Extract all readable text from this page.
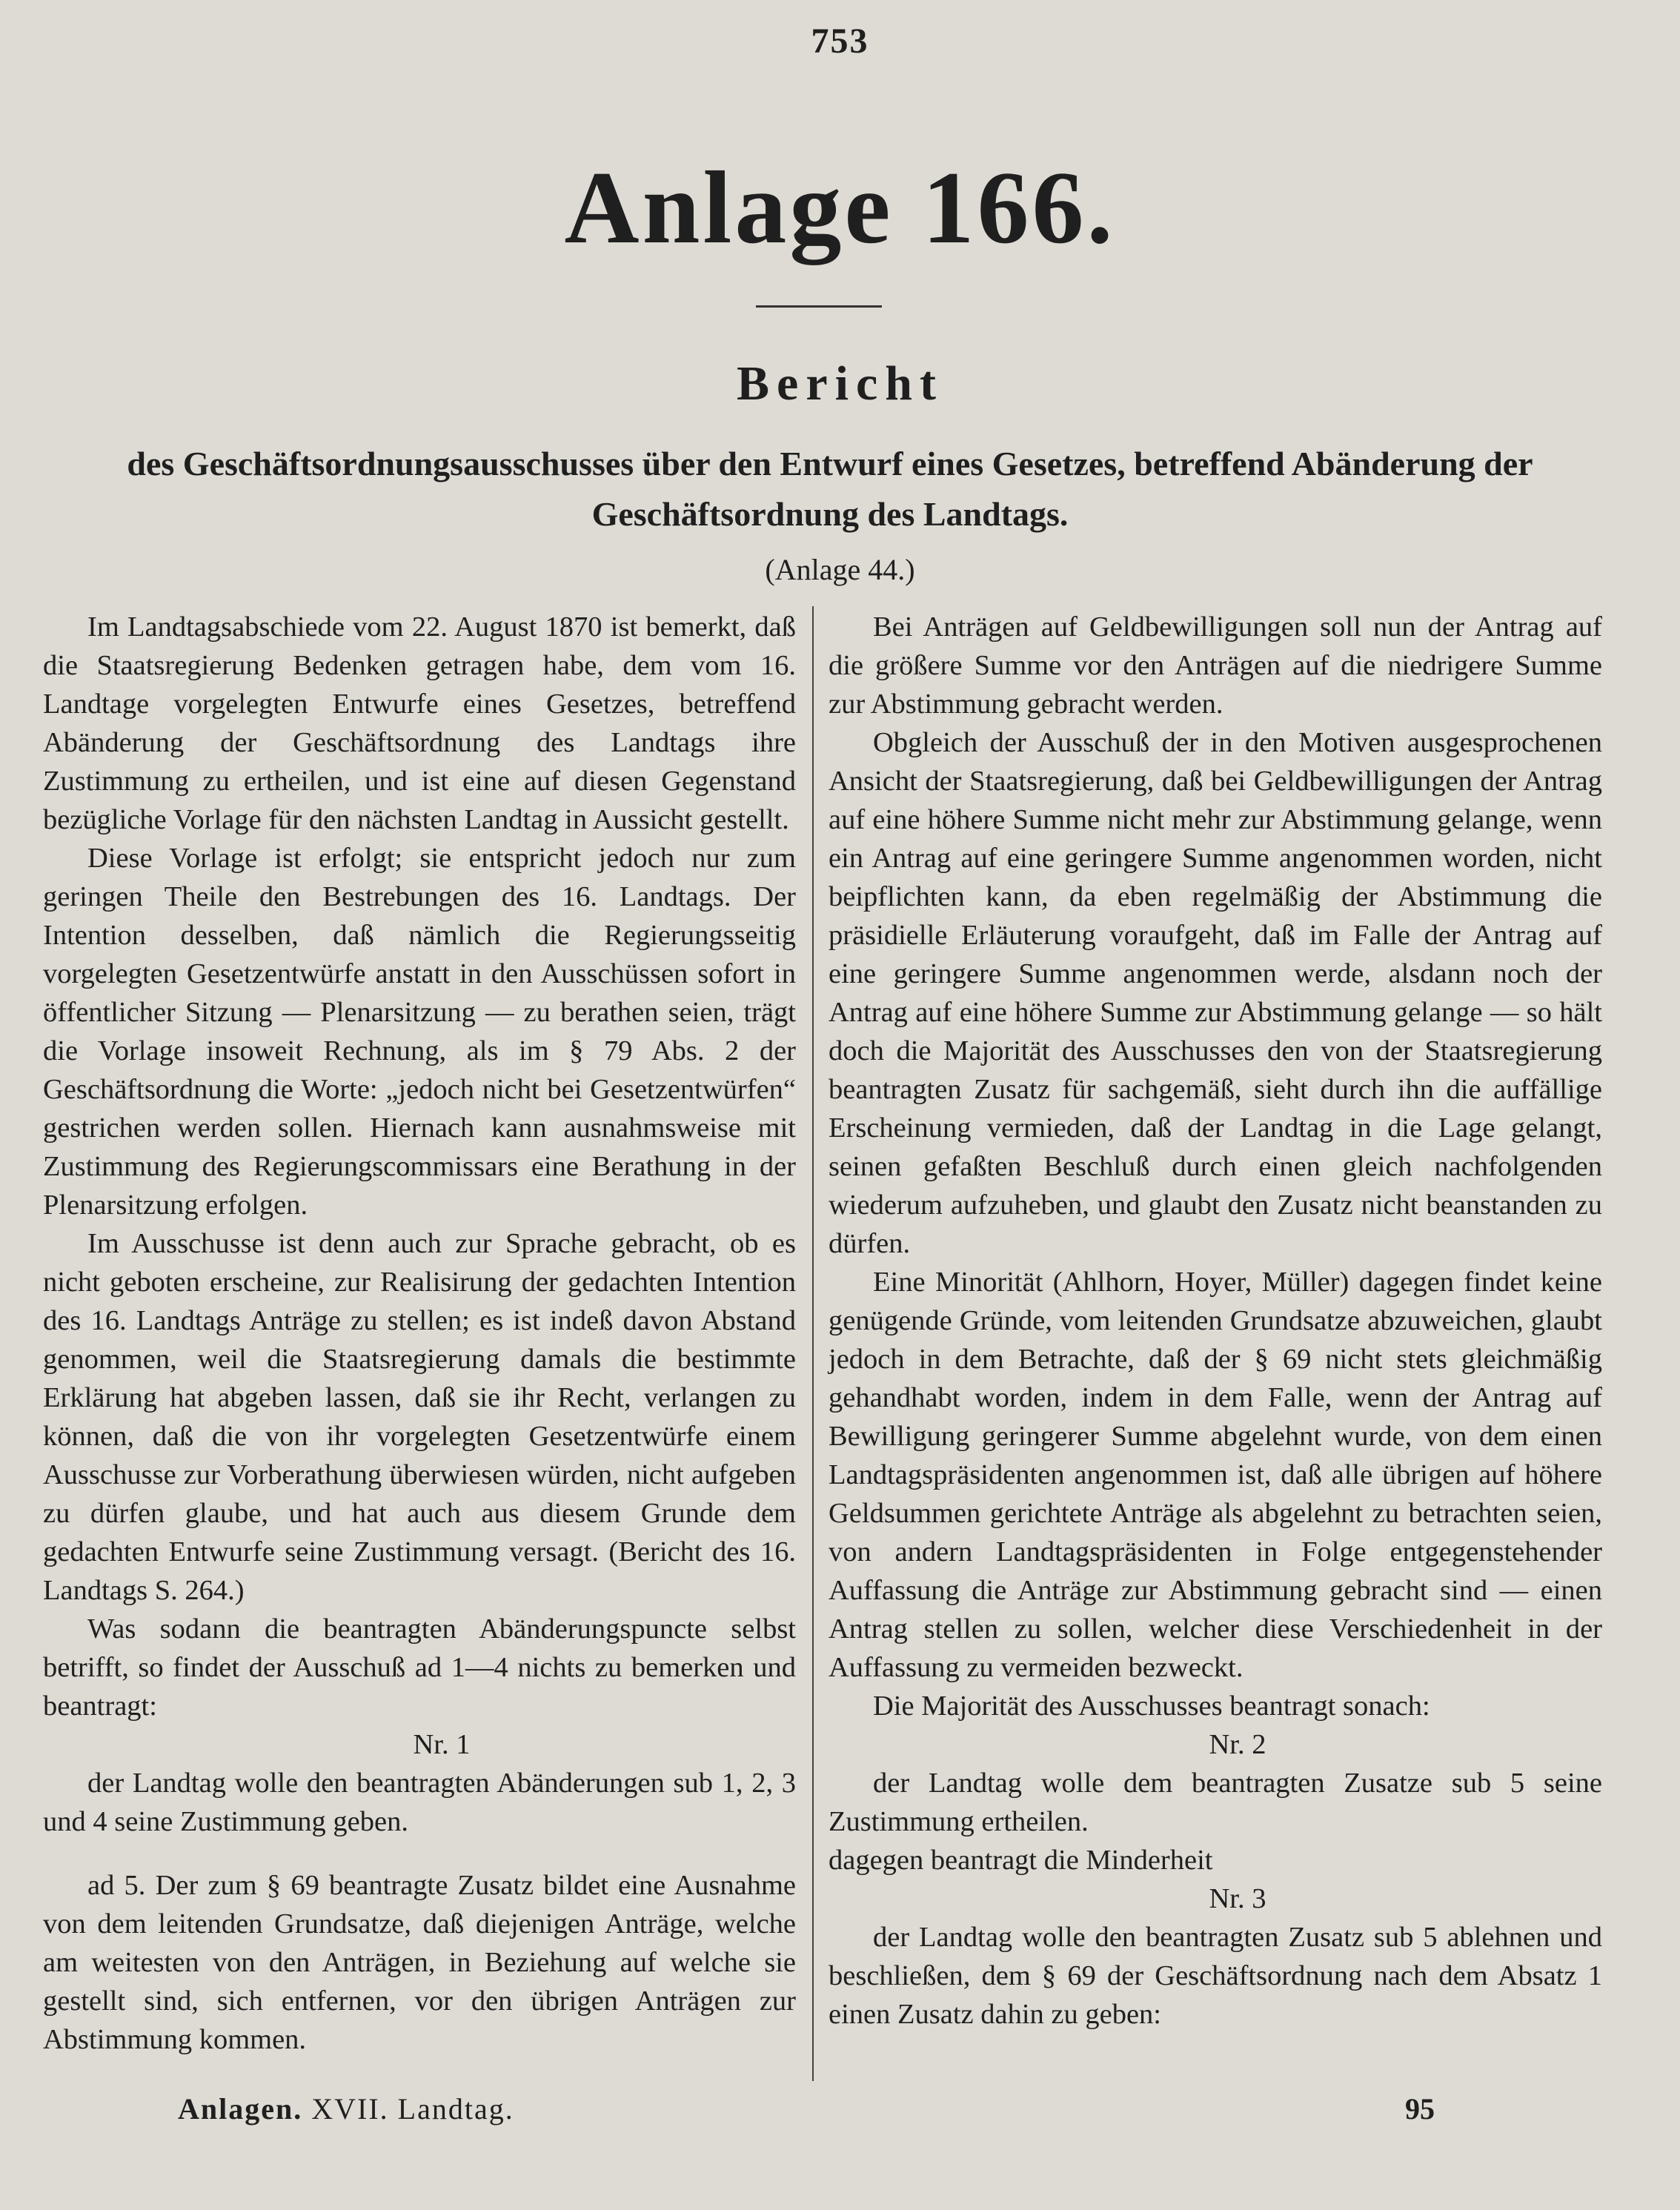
753
Anlage 166.
Bericht
des Geschäftsordnungsausschusses über den Entwurf eines Gesetzes, betreffend Abänderung der Geschäftsordnung des Landtags.
(Anlage 44.)

Im Landtagsabschiede vom 22. August 1870 ist bemerkt, daß die Staatsregierung Bedenken getragen habe, dem vom 16. Landtage vorgelegten Entwurfe eines Gesetzes, betreffend Abänderung der Geschäftsordnung des Landtags ihre Zustimmung zu ertheilen, und ist eine auf diesen Gegenstand bezügliche Vorlage für den nächsten Landtag in Aussicht gestellt.

Diese Vorlage ist erfolgt; sie entspricht jedoch nur zum geringen Theile den Bestrebungen des 16. Landtags. Der Intention desselben, daß nämlich die Regierungsseitig vorgelegten Gesetzentwürfe anstatt in den Ausschüssen sofort in öffentlicher Sitzung — Plenarsitzung — zu berathen seien, trägt die Vorlage insoweit Rechnung, als im § 79 Abs. 2 der Geschäftsordnung die Worte: „jedoch nicht bei Gesetzentwürfen“ gestrichen werden sollen. Hiernach kann ausnahmsweise mit Zustimmung des Regierungscommissars eine Berathung in der Plenarsitzung erfolgen.

Im Ausschusse ist denn auch zur Sprache gebracht, ob es nicht geboten erscheine, zur Realisirung der gedachten Intention des 16. Landtags Anträge zu stellen; es ist indeß davon Abstand genommen, weil die Staatsregierung damals die bestimmte Erklärung hat abgeben lassen, daß sie ihr Recht, verlangen zu können, daß die von ihr vorgelegten Gesetzentwürfe einem Ausschusse zur Vorberathung überwiesen würden, nicht aufgeben zu dürfen glaube, und hat auch aus diesem Grunde dem gedachten Entwurfe seine Zustimmung versagt. (Bericht des 16. Landtags S. 264.)

Was sodann die beantragten Abänderungspuncte selbst betrifft, so findet der Ausschuß ad 1—4 nichts zu bemerken und beantragt:

Nr. 1

der Landtag wolle den beantragten Abänderungen sub 1, 2, 3 und 4 seine Zustimmung geben.

ad 5. Der zum § 69 beantragte Zusatz bildet eine Ausnahme von dem leitenden Grundsatze, daß diejenigen Anträge, welche am weitesten von den Anträgen, in Beziehung auf welche sie gestellt sind, sich entfernen, vor den übrigen Anträgen zur Abstimmung kommen.

Bei Anträgen auf Geldbewilligungen soll nun der Antrag auf die größere Summe vor den Anträgen auf die niedrigere Summe zur Abstimmung gebracht werden.

Obgleich der Ausschuß der in den Motiven ausgesprochenen Ansicht der Staatsregierung, daß bei Geldbewilligungen der Antrag auf eine höhere Summe nicht mehr zur Abstimmung gelange, wenn ein Antrag auf eine geringere Summe angenommen worden, nicht beipflichten kann, da eben regelmäßig der Abstimmung die präsidielle Erläuterung voraufgeht, daß im Falle der Antrag auf eine geringere Summe angenommen werde, alsdann noch der Antrag auf eine höhere Summe zur Abstimmung gelange — so hält doch die Majorität des Ausschusses den von der Staatsregierung beantragten Zusatz für sachgemäß, sieht durch ihn die auffällige Erscheinung vermieden, daß der Landtag in die Lage gelangt, seinen gefaßten Beschluß durch einen gleich nachfolgenden wiederum aufzuheben, und glaubt den Zusatz nicht beanstanden zu dürfen.

Eine Minorität (Ahlhorn, Hoyer, Müller) dagegen findet keine genügende Gründe, vom leitenden Grundsatze abzuweichen, glaubt jedoch in dem Betrachte, daß der § 69 nicht stets gleichmäßig gehandhabt worden, indem in dem Falle, wenn der Antrag auf Bewilligung geringerer Summe abgelehnt wurde, von dem einen Landtagspräsidenten angenommen ist, daß alle übrigen auf höhere Geldsummen gerichtete Anträge als abgelehnt zu betrachten seien, von andern Landtagspräsidenten in Folge entgegenstehender Auffassung die Anträge zur Abstimmung gebracht sind — einen Antrag stellen zu sollen, welcher diese Verschiedenheit in der Auffassung zu vermeiden bezweckt.

Die Majorität des Ausschusses beantragt sonach:

Nr. 2

der Landtag wolle dem beantragten Zusatze sub 5 seine Zustimmung ertheilen.

dagegen beantragt die Minderheit

Nr. 3

der Landtag wolle den beantragten Zusatz sub 5 ablehnen und beschließen, dem § 69 der Geschäftsordnung nach dem Absatz 1 einen Zusatz dahin zu geben:

Anlagen. XVII. Landtag.	95
